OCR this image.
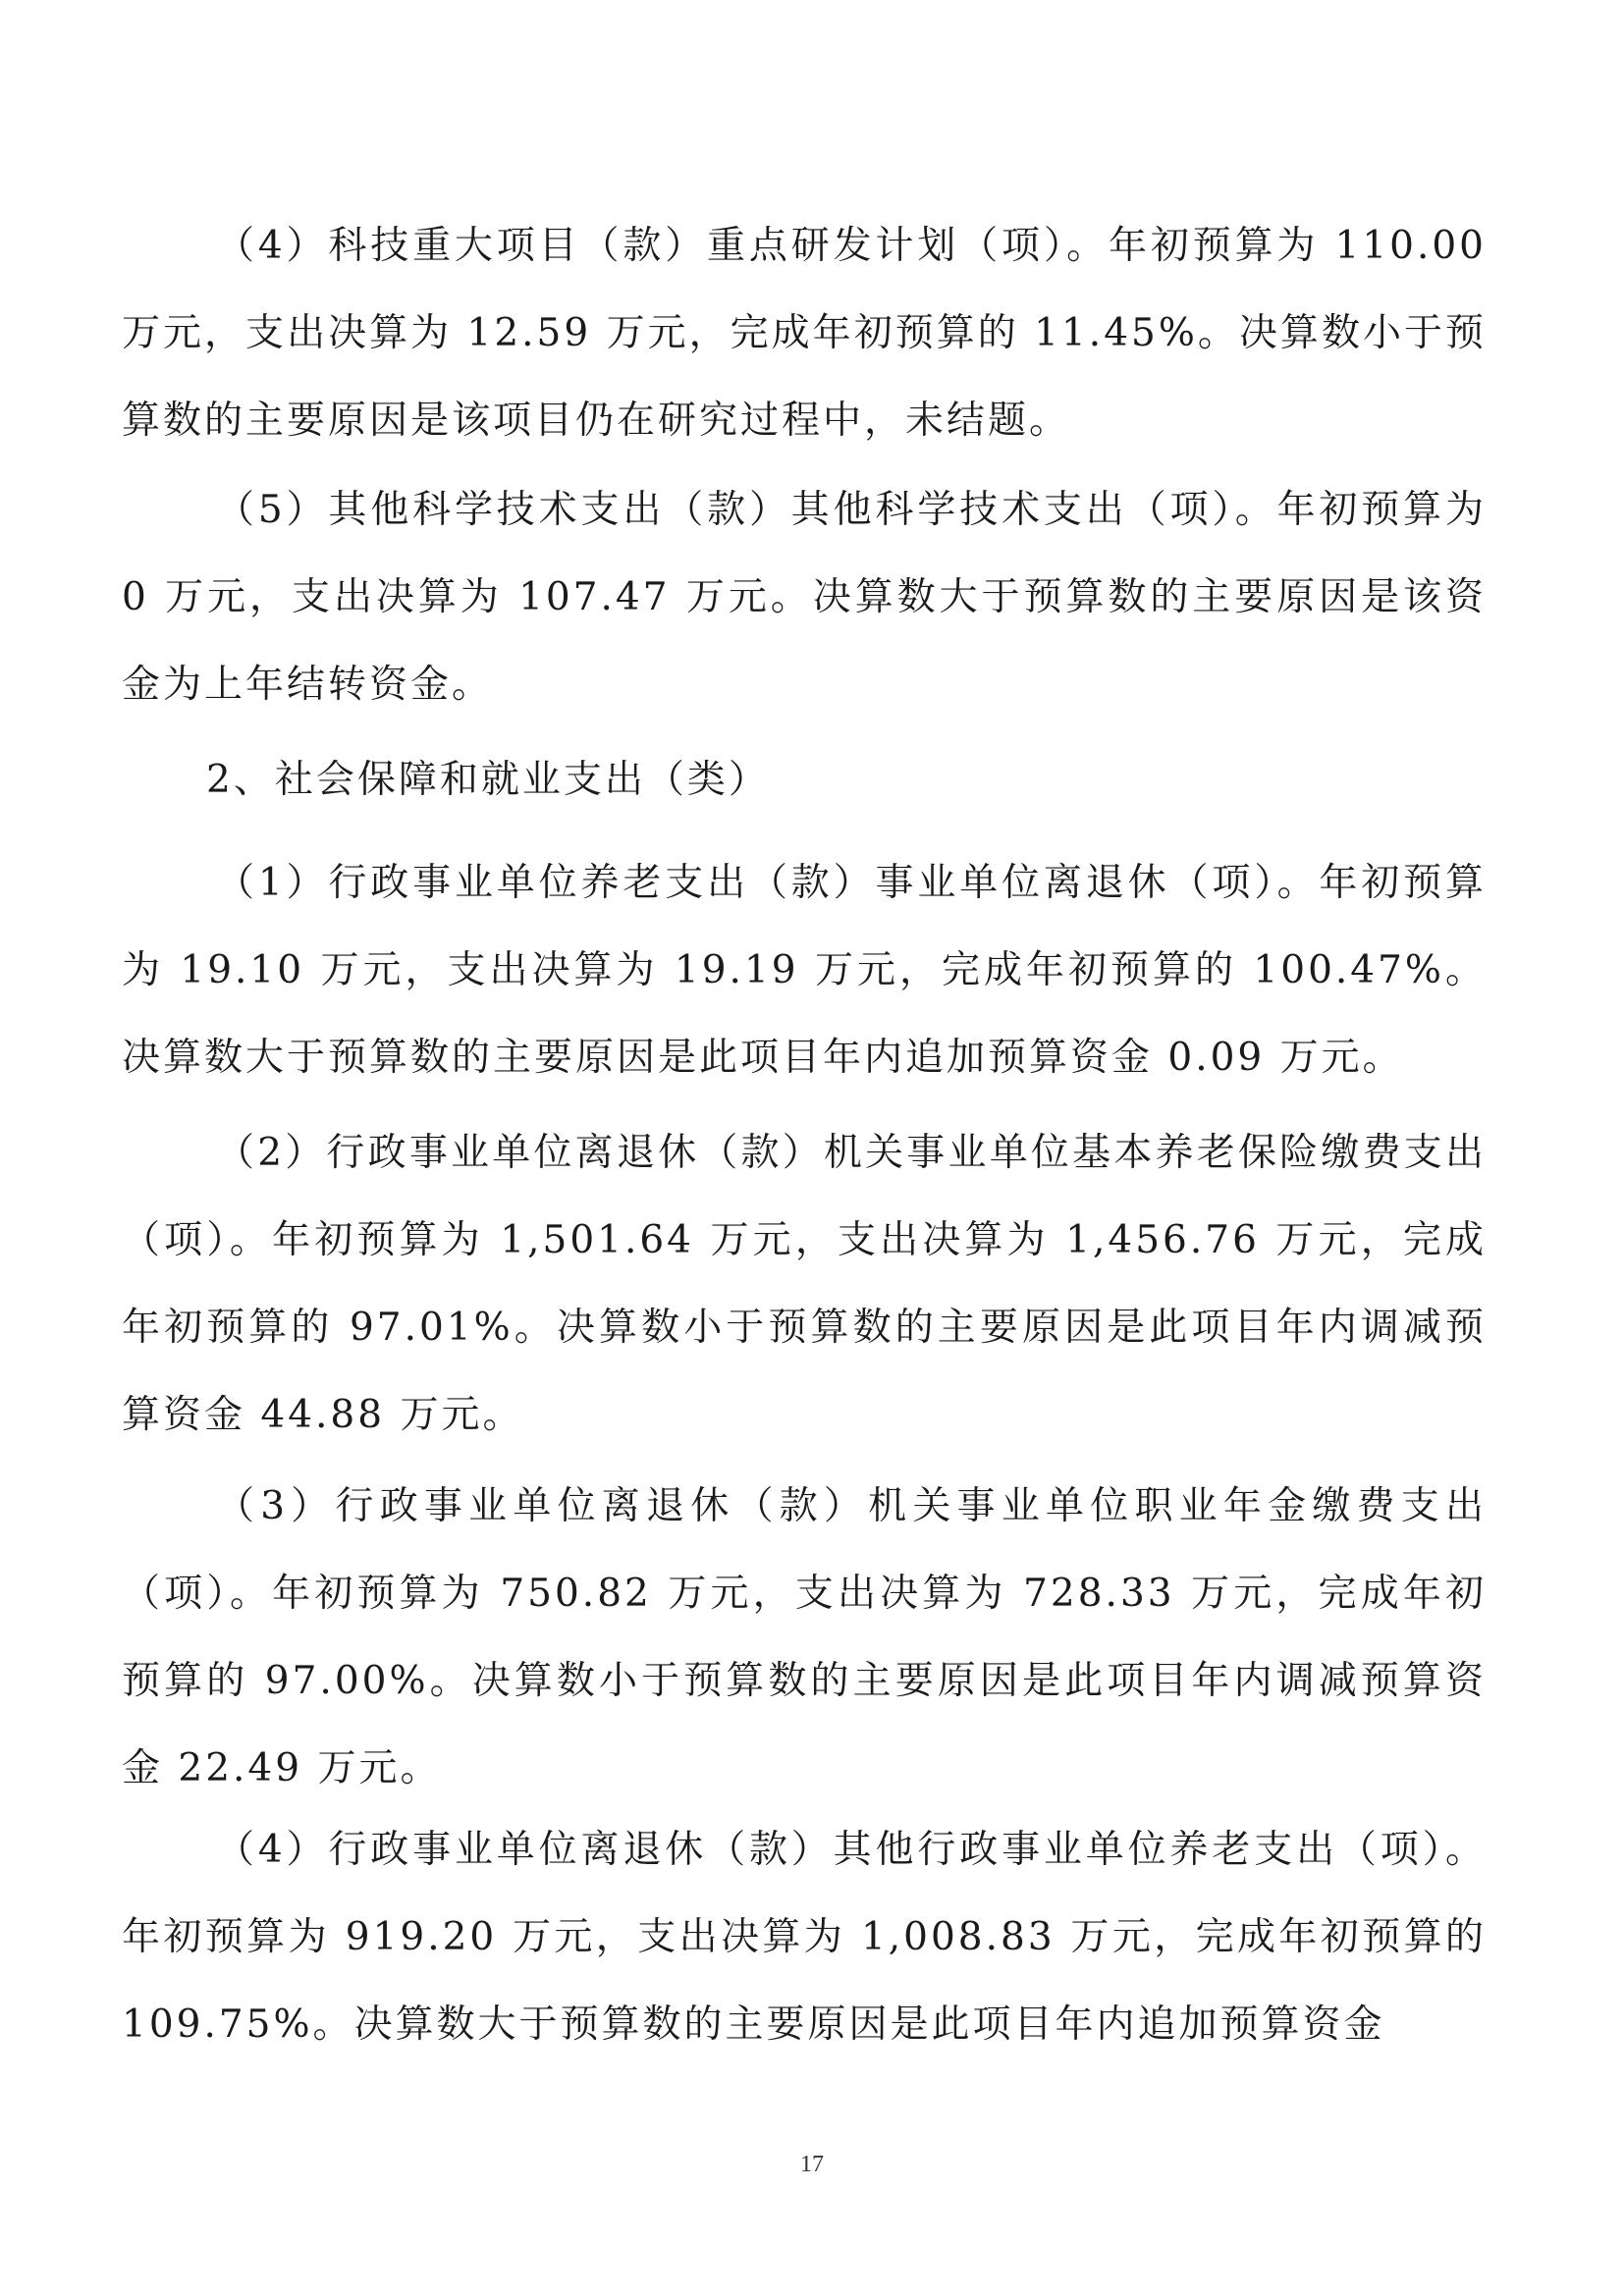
（4）科技重大项目（款）重点研发计划（项）。年初预算为 110.00 万元，支出决算为 12.59 万元，完成年初预算的 11.45%。决算数小于预算数的主要原因是该项目仍在研究过程中，未结题。

（5）其他科学技术支出（款）其他科学技术支出（项）。年初预算为 0 万元，支出决算为 107.47 万元。决算数大于预算数的主要原因是该资金为上年结转资金。

2、社会保障和就业支出（类）

（1）行政事业单位养老支出（款）事业单位离退休（项）。年初预算为 19.10 万元，支出决算为 19.19 万元，完成年初预算的 100.47%。决算数大于预算数的主要原因是此项目年内追加预算资金 0.09 万元。

（2）行政事业单位离退休（款）机关事业单位基本养老保险缴费支出（项）。年初预算为 1,501.64 万元，支出决算为 1,456.76 万元，完成年初预算的 97.01%。决算数小于预算数的主要原因是此项目年内调减预算资金 44.88 万元。

（3）行政事业单位离退休（款）机关事业单位职业年金缴费支出（项）。年初预算为 750.82 万元，支出决算为 728.33 万元，完成年初预算的 97.00%。决算数小于预算数的主要原因是此项目年内调减预算资金 22.49 万元。

（4）行政事业单位离退休（款）其他行政事业单位养老支出（项）。年初预算为 919.20 万元，支出决算为 1,008.83 万元，完成年初预算的 109.75%。决算数大于预算数的主要原因是此项目年内追加预算资金

17
